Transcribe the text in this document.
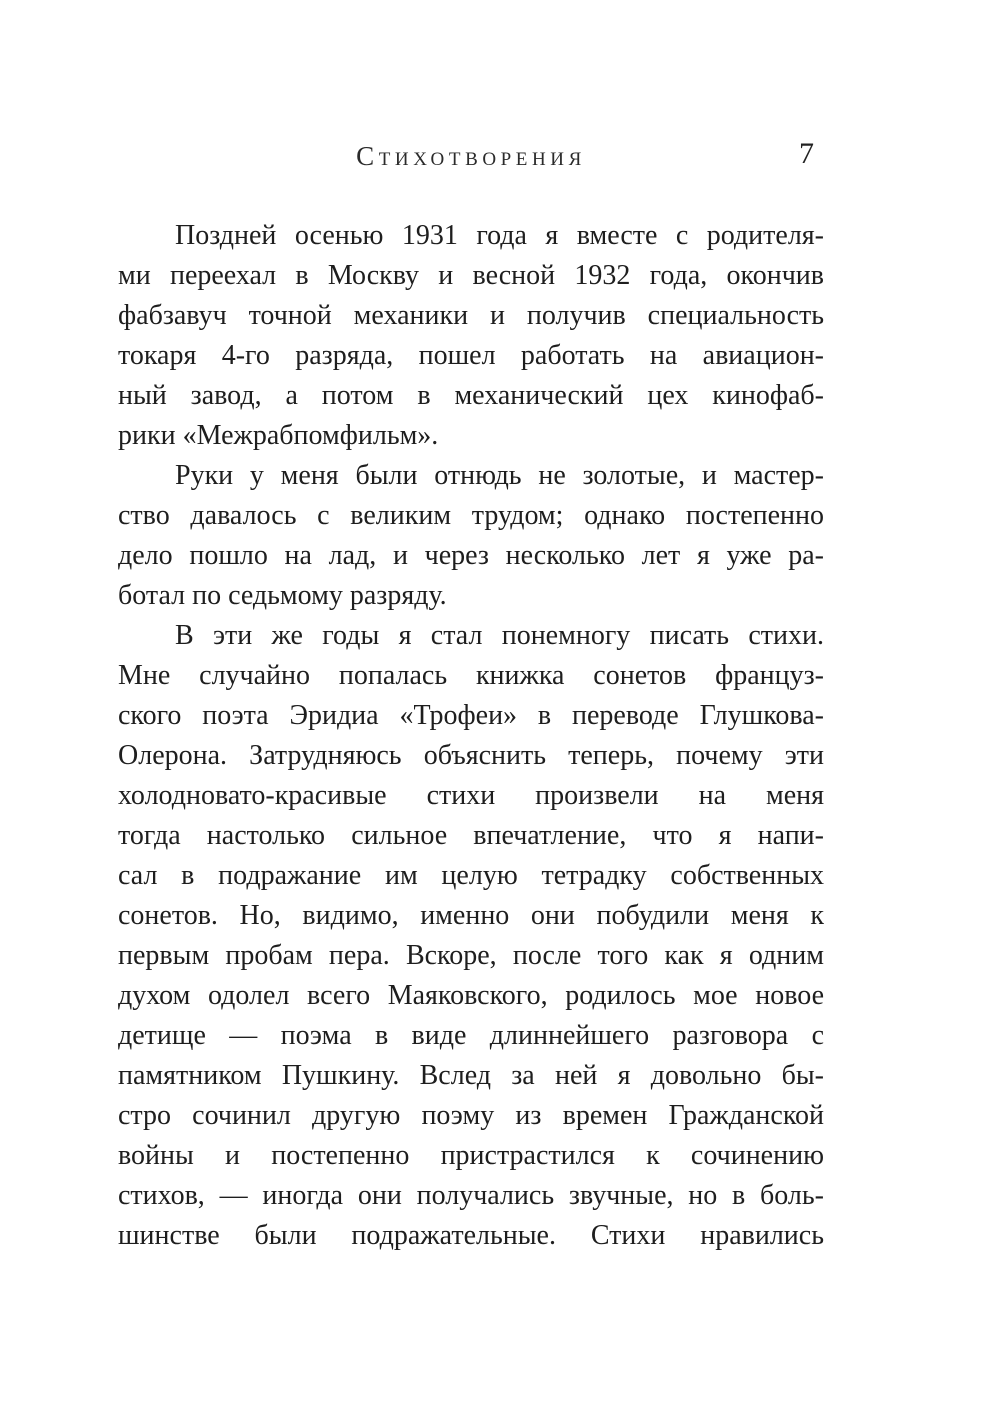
Стихотворения	7
Поздней осенью 1931 года я вместе с родителя-
ми переехал в Москву и весной 1932 года, окончив
фабзавуч точной механики и получив специальность
токаря 4-го разряда, пошел работать на авиацион-
ный завод, а потом в механический цех кинофаб-
рики «Межрабпомфильм».
Руки у меня были отнюдь не золотые, и мастер-
ство давалось с великим трудом; однако постепенно
дело пошло на лад, и через несколько лет я уже ра-
ботал по седьмому разряду.
В эти же годы я стал понемногу писать стихи.
Мне случайно попалась книжка сонетов француз-
ского поэта Эридиа «Трофеи» в переводе Глушкова-
Олерона. Затрудняюсь объяснить теперь, почему эти
холодновато-красивые стихи произвели на меня
тогда настолько сильное впечатление, что я напи-
сал в подражание им целую тетрадку собственных
сонетов. Но, видимо, именно они побудили меня к
первым пробам пера. Вскоре, после того как я одним
духом одолел всего Маяковского, родилось мое новое
детище — поэма в виде длиннейшего разговора с
памятником Пушкину. Вслед за ней я довольно бы-
стро сочинил другую поэму из времен Гражданской
войны и постепенно пристрастился к сочинению
стихов, — иногда они получались звучные, но в боль-
шинстве были подражательные. Стихи нравились
